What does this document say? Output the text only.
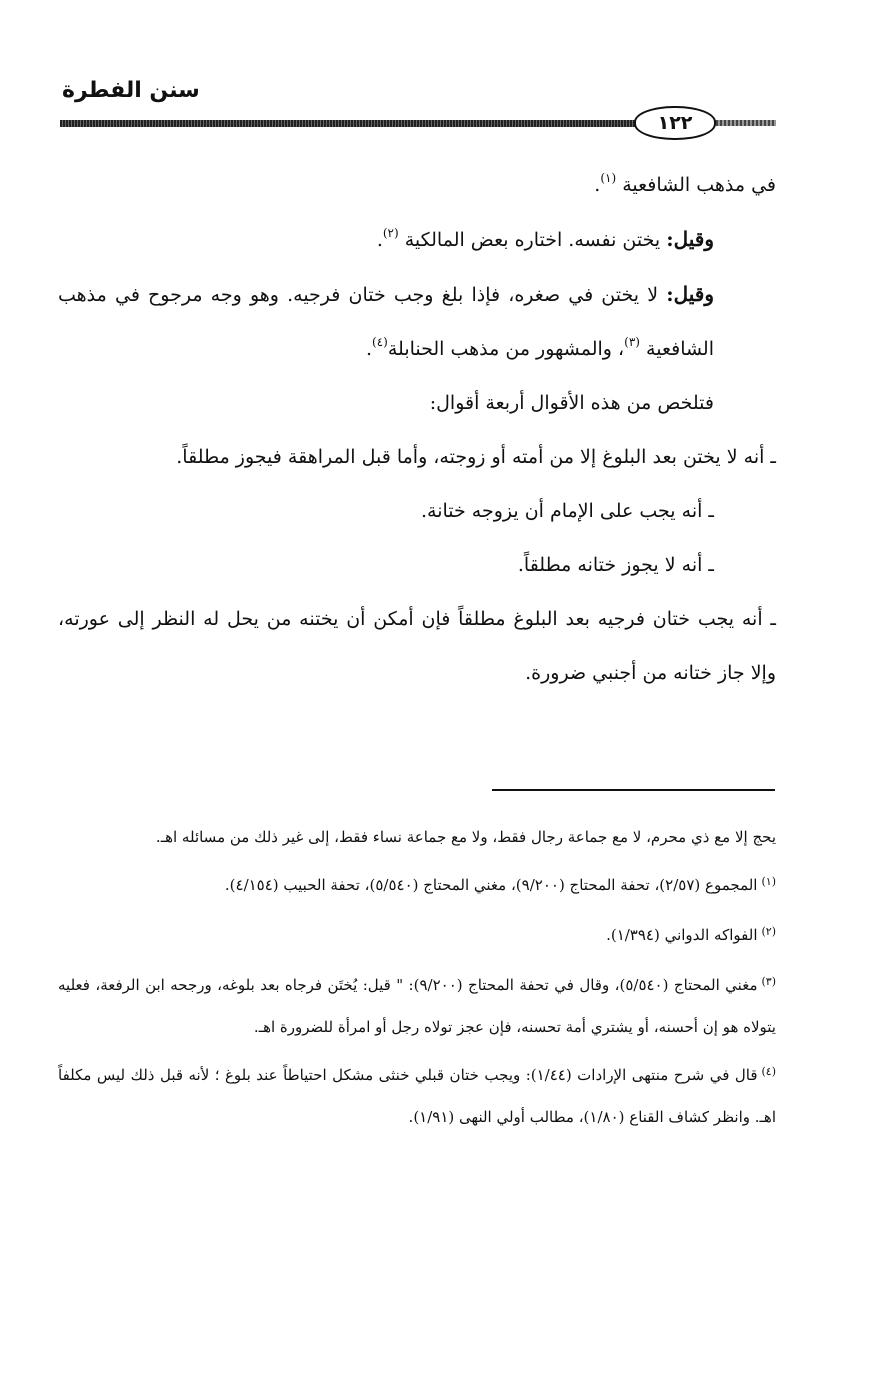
سنن الفطرة
١٢٢

في مذهب الشافعية $^{(١)}$.

وقيل: يختن نفسه. اختاره بعض المالكية $^{(٢)}$.

وقيل: لا يختن في صغره، فإذا بلغ وجب ختان فرجيه. وهو وجه مرجوح في مذهب الشافعية $^{(٣)}$، والمشهور من مذهب الحنابلة$^{(٤)}$.

فتلخص من هذه الأقوال أربعة أقوال:

ـ أنه لا يختن بعد البلوغ إلا من أمته أو زوجته، وأما قبل المراهقة فيجوز مطلقاً.

ـ أنه يجب على الإمام أن يزوجه ختانة.

ـ أنه لا يجوز ختانه مطلقاً.

ـ أنه يجب ختان فرجيه بعد البلوغ مطلقاً فإن أمكن أن يختنه من يحل له النظر إلى عورته، وإلا جاز ختانه من أجنبي ضرورة.

يحج إلا مع ذي محرم، لا مع جماعة رجال فقط، ولا مع جماعة نساء فقط، إلى غير ذلك من مسائله اهـ.

$^{(١)}$المجموع (٢/٥٧)، تحفة المحتاج (٩/٢٠٠)، مغني المحتاج (٥/٥٤٠)، تحفة الحبيب (٤/١٥٤).

$^{(٢)}$الفواكه الدواني (١/٣٩٤).

$^{(٣)}$مغني المحتاج (٥/٥٤٠)، وقال في تحفة المحتاج (٩/٢٠٠): " قيل: يُختَن فرجاه بعد بلوغه، ورجحه ابن الرفعة، فعليه يتولاه هو إن أحسنه، أو يشتري أمة تحسنه، فإن عجز تولاه رجل أو امرأة للضرورة اهـ.

$^{(٤)}$قال في شرح منتهى الإرادات (١/٤٤): ويجب ختان قبلي خنثى مشكل احتياطاً عند بلوغ ؛ لأنه قبل ذلك ليس مكلفاً اهـ. وانظر كشاف القناع (١/٨٠)، مطالب أولي النهى (١/٩١).
